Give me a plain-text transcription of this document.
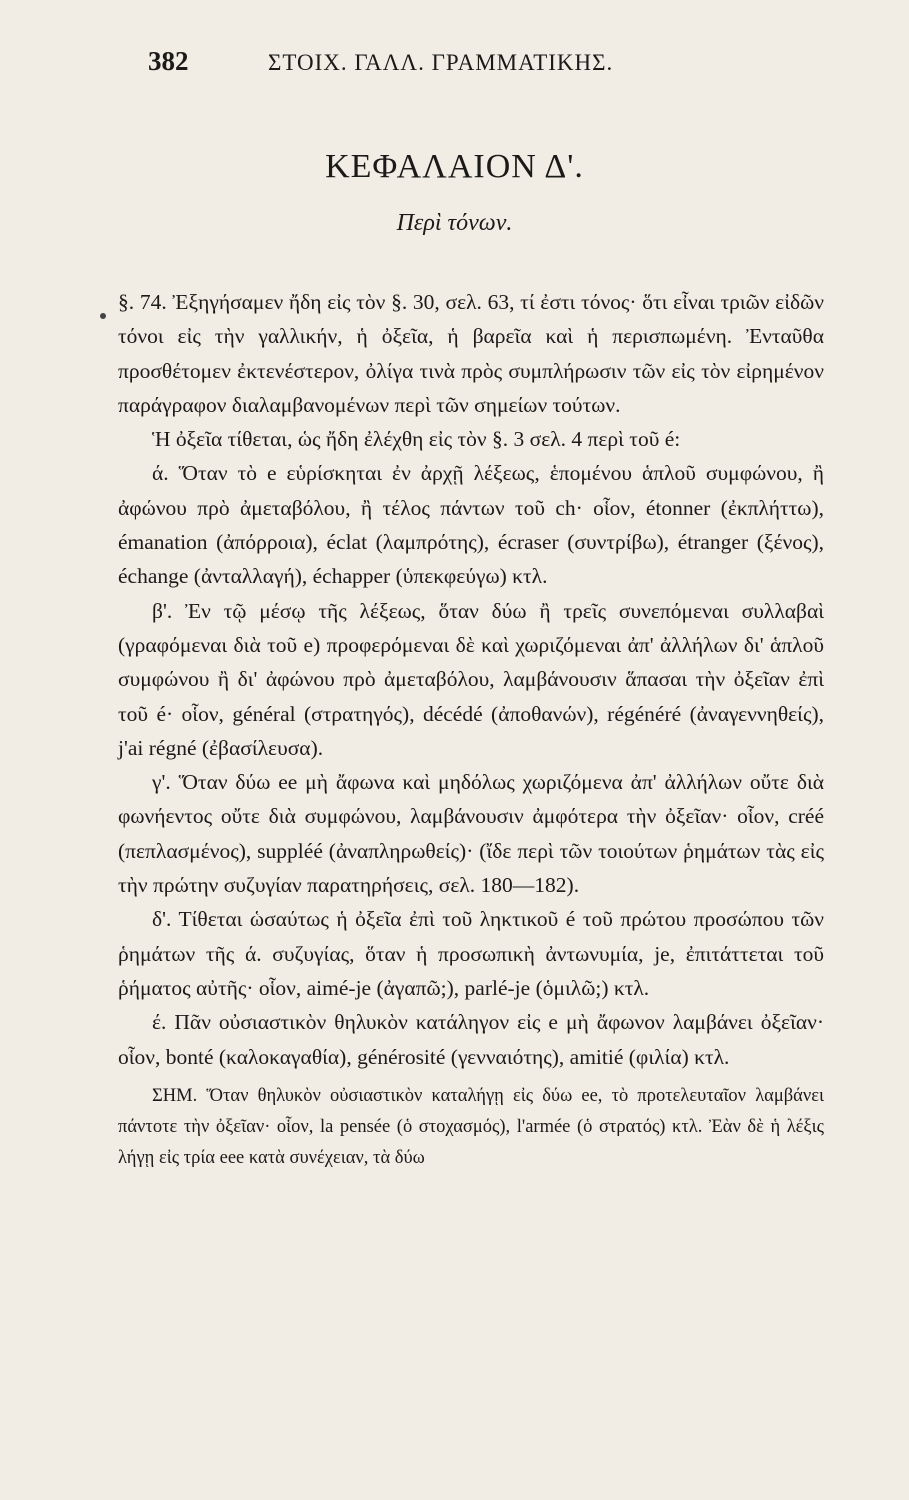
382	ΣΤΟΙΧ. ΓΑΛΛ. ΓΡΑΜΜΑΤΙΚΗΣ.
ΚΕΦΑΛΑΙΟΝ Δ'.
Περὶ τόνων.

§. 74. Ἐξηγήσαμεν ἤδη εἰς τὸν §. 30, σελ. 63, τί ἐστι τόνος· ὅτι εἶναι τριῶν εἰδῶν τόνοι εἰς τὴν γαλλικήν, ἡ ὀξεῖα, ἡ βαρεῖα καὶ ἡ περισπωμένη. Ἐνταῦθα προσθέτομεν ἐκτενέστερον, ὀλίγα τινὰ πρὸς συμπλήρωσιν τῶν εἰς τὸν εἰρημένον παράγραφον διαλαμβανομένων περὶ τῶν σημείων τούτων.

Ἡ ὀξεῖα τίθεται, ὡς ἤδη ἐλέχθη εἰς τὸν §. 3 σελ. 4 περὶ τοῦ é:

ά. Ὅταν τὸ e εὑρίσκηται ἐν ἀρχῇ λέξεως, ἑπομένου ἁπλοῦ συμφώνου, ἢ ἀφώνου πρὸ ἀμεταβόλου, ἢ τέλος πάντων τοῦ ch· οἷον, étonner (ἐκπλήττω), émanation (ἀπόρροια), éclat (λαμπρότης), écraser (συντρίβω), étranger (ξένος), échange (ἀνταλλαγή), échapper (ὑπεκφεύγω) κτλ.

β'. Ἐν τῷ μέσῳ τῆς λέξεως, ὅταν δύω ἢ τρεῖς συνεπόμεναι συλλαβαὶ (γραφόμεναι διὰ τοῦ e) προφερόμεναι δὲ καὶ χωριζόμεναι ἀπ' ἀλλήλων δι' ἁπλοῦ συμφώνου ἢ δι' ἀφώνου πρὸ ἀμεταβόλου, λαμβάνουσιν ἅπασαι τὴν ὀξεῖαν ἐπὶ τοῦ é· οἷον, général (στρατηγός), décédé (ἀποθανών), régénéré (ἀναγεννηθείς), j'ai régné (ἐβασίλευσα).

γ'. Ὅταν δύω ee μὴ ἄφωνα καὶ μηδόλως χωριζόμενα ἀπ' ἀλλήλων οὔτε διὰ φωνήεντος οὔτε διὰ συμφώνου, λαμβάνουσιν ἀμφότερα τὴν ὀξεῖαν· οἷον, créé (πεπλασμένος), suppléé (ἀναπληρωθείς)· (ἴδε περὶ τῶν τοιούτων ῥημάτων τὰς εἰς τὴν πρώτην συζυγίαν παρατηρήσεις, σελ. 180—182).

δ'. Τίθεται ὡσαύτως ἡ ὀξεῖα ἐπὶ τοῦ ληκτικοῦ é τοῦ πρώτου προσώπου τῶν ῥημάτων τῆς ά. συζυγίας, ὅταν ἡ προσωπικὴ ἀντωνυμία, je, ἐπιτάττεται τοῦ ῥήματος αὐτῆς· οἷον, aimé-je (ἀγαπῶ;), parlé-je (ὁμιλῶ;) κτλ.

έ. Πᾶν οὐσιαστικὸν θηλυκὸν κατάληγον εἰς e μὴ ἄφωνον λαμβάνει ὀξεῖαν· οἷον, bonté (καλοκαγαθία), générosité (γενναιότης), amitié (φιλία) κτλ.

ΣΗΜ. Ὅταν θηλυκὸν οὐσιαστικὸν καταλήγῃ εἰς δύω ee, τὸ προτελευταῖον λαμβάνει πάντοτε τὴν ὀξεῖαν· οἷον, la pensée (ὁ στοχασμός), l'armée (ὁ στρατός) κτλ. Ἐὰν δὲ ἡ λέξις λήγῃ εἰς τρία eee κατὰ συνέχειαν, τὰ δύω
